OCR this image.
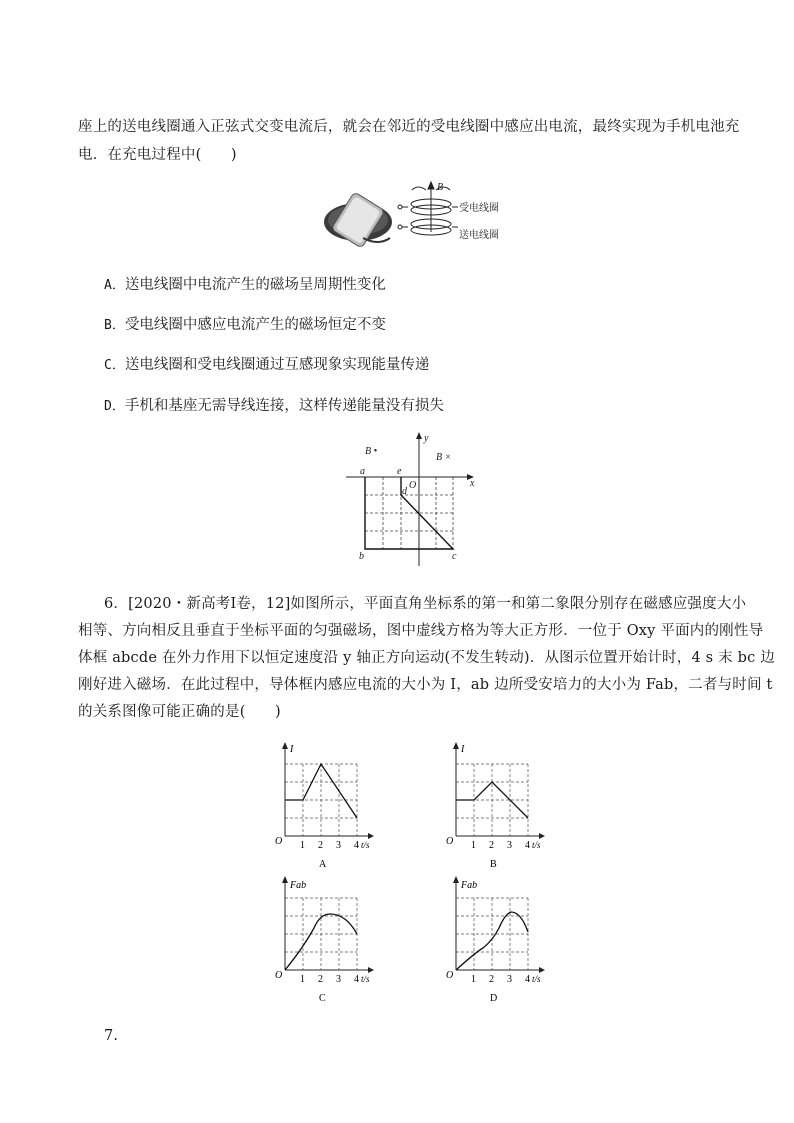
座上的送电线圈通入正弦式交变电流后，就会在邻近的受电线圈中感应出电流，最终实现为手机电池充
电．在充电过程中(　　)
B
受电线圈
送电线圈
A．送电线圈中电流产生的磁场呈周期性变化
B．受电线圈中感应电流产生的磁场恒定不变
C．送电线圈和受电线圈通过互感现象实现能量传递
D．手机和基座无需导线连接，这样传递能量没有损失
B •
B ×
y
x
O
a	e
d
b	c
6．[2020・新高考Ⅰ卷，12]如图所示，平面直角坐标系的第一和第二象限分别存在磁感应强度大小
相等、方向相反且垂直于坐标平面的匀强磁场，图中虚线方格为等大正方形．一位于 Oxy 平面内的刚性导
体框 abcde 在外力作用下以恒定速度沿 y 轴正方向运动(不发生转动)．从图示位置开始计时，4 s 末 bc 边
刚好进入磁场．在此过程中，导体框内感应电流的大小为 I，ab 边所受安培力的大小为 Fab，二者与时间 t
的关系图像可能正确的是(　　)
I
t/s
O 1 2 3 4
A
I
t/s
O 1 2 3 4
B
Fab
t/s
O 1 2 3 4
C
Fab
t/s
O 1 2 3 4
D
7.
